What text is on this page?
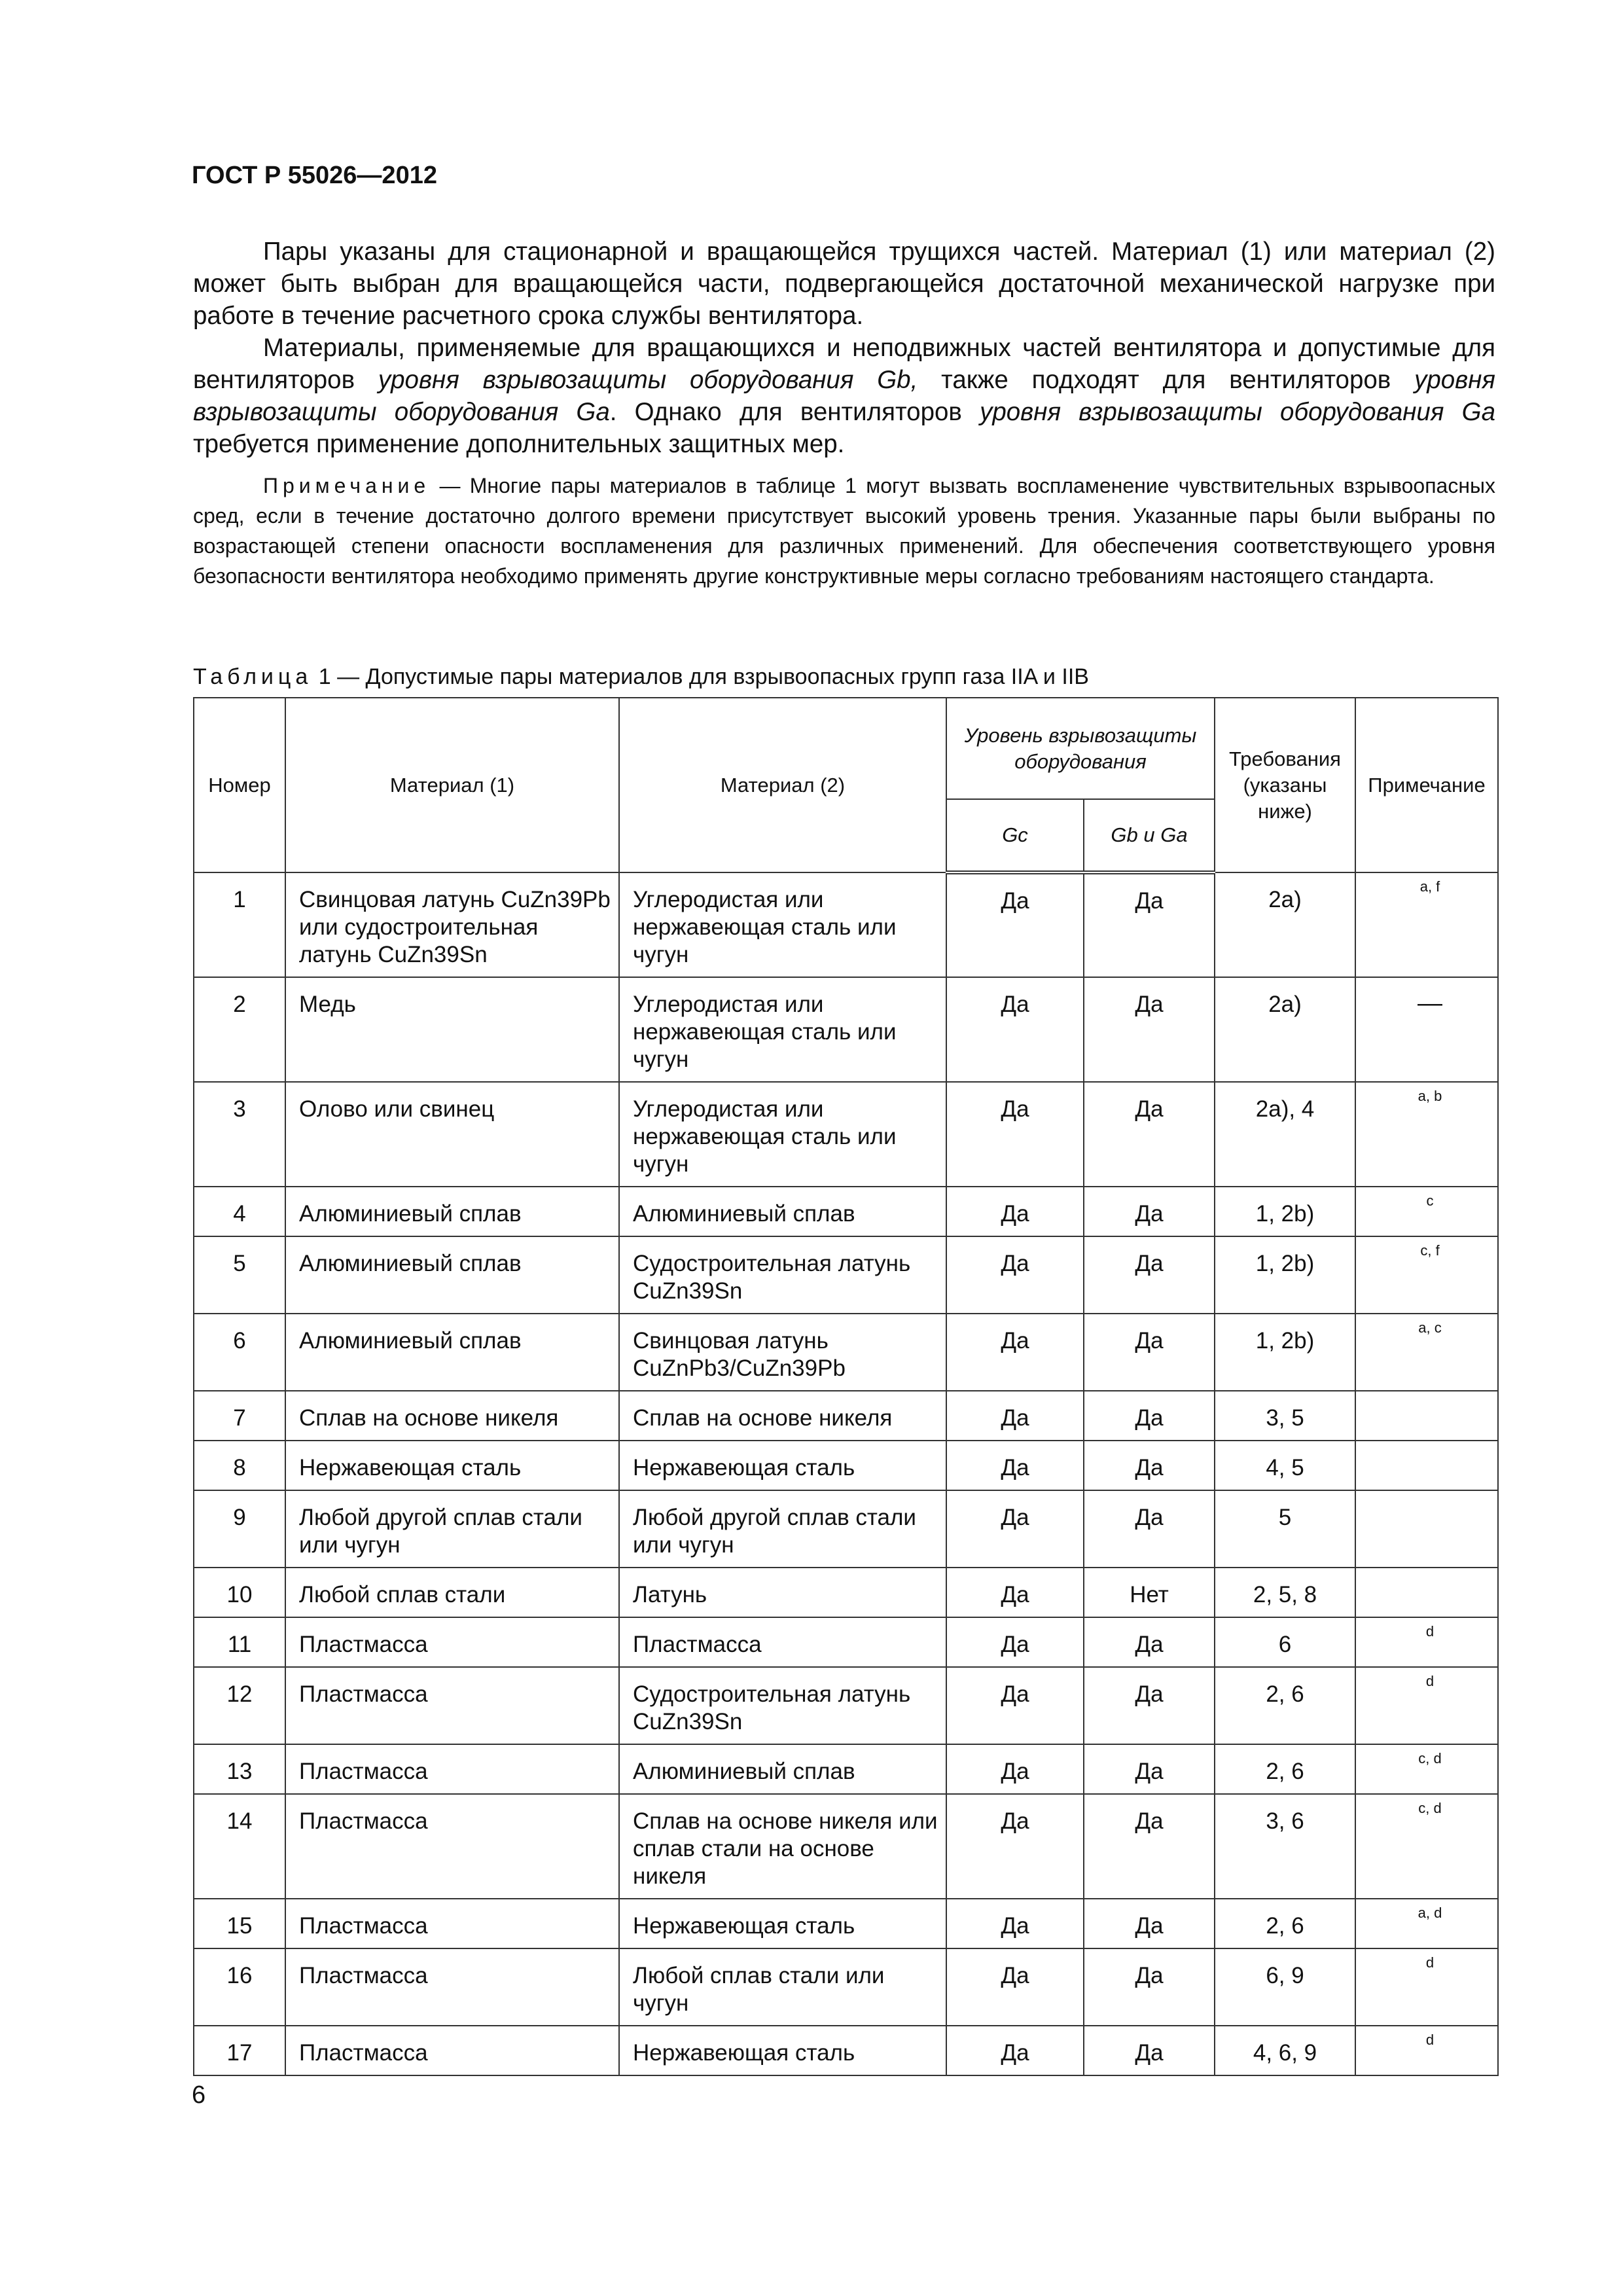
ГОСТ Р 55026—2012

Пары указаны для стационарной и вращающейся трущихся частей. Материал (1) или материал (2) может быть выбран для вращающейся части, подвергающейся достаточной механической нагрузке при работе в течение расчетного срока службы вентилятора.

Материалы, применяемые для вращающихся и неподвижных частей вентилятора и допустимые для вентиляторов уровня взрывозащиты оборудования Gb, также подходят для вентиляторов уровня взрывозащиты оборудования Ga. Однако для вентиляторов уровня взрывозащиты оборудования Ga требуется применение дополнительных защитных мер.

Примечание — Многие пары материалов в таблице 1 могут вызвать воспламенение чувствительных взрывоопасных сред, если в течение достаточно долгого времени присутствует высокий уровень трения. Указанные пары были выбраны по возрастающей степени опасности воспламенения для различных применений. Для обеспечения соответствующего уровня безопасности вентилятора необходимо применять другие конструктивные меры согласно требованиям настоящего стандарта.

Таблица 1 — Допустимые пары материалов для взрывоопасных групп газа IIA и IIB

Номер	Материал (1)	Материал (2)	Уровень взрывозащиты оборудования		Требования (указаны ниже)	Примечание
			Gc	Gb и Ga		
1	Свинцовая латунь CuZn39Pb или судостроительная латунь CuZn39Sn	Углеродистая или нержавеющая сталь или чугун	Да	Да	2a)	$^{a, f}$
2	Медь	Углеродистая или нержавеющая сталь или чугун	Да	Да	2a)	—
3	Олово или свинец	Углеродистая или нержавеющая сталь или чугун	Да	Да	2a), 4	$^{a, b}$
4	Алюминиевый сплав	Алюминиевый сплав	Да	Да	1, 2b)	$^c$
5	Алюминиевый сплав	Судостроительная латунь CuZn39Sn	Да	Да	1, 2b)	$^{c, f}$
6	Алюминиевый сплав	Свинцовая латунь CuZnPb3/CuZn39Pb	Да	Да	1, 2b)	$^{a, c}$
7	Сплав на основе никеля	Сплав на основе никеля	Да	Да	3, 5	
8	Нержавеющая сталь	Нержавеющая сталь	Да	Да	4, 5	
9	Любой другой сплав стали или чугун	Любой другой сплав стали или чугун	Да	Да	5	
10	Любой сплав стали	Латунь	Да	Нет	2, 5, 8	
11	Пластмасса	Пластмасса	Да	Да	6	$^d$
12	Пластмасса	Судостроительная латунь CuZn39Sn	Да	Да	2, 6	$^d$
13	Пластмасса	Алюминиевый сплав	Да	Да	2, 6	$^{c, d}$
14	Пластмасса	Сплав на основе никеля или сплав стали на основе никеля	Да	Да	3, 6	$^{c, d}$
15	Пластмасса	Нержавеющая сталь	Да	Да	2, 6	$^{a, d}$
16	Пластмасса	Любой сплав стали или чугун	Да	Да	6, 9	$^d$
17	Пластмасса	Нержавеющая сталь	Да	Да	4, 6, 9	$^d$

6
